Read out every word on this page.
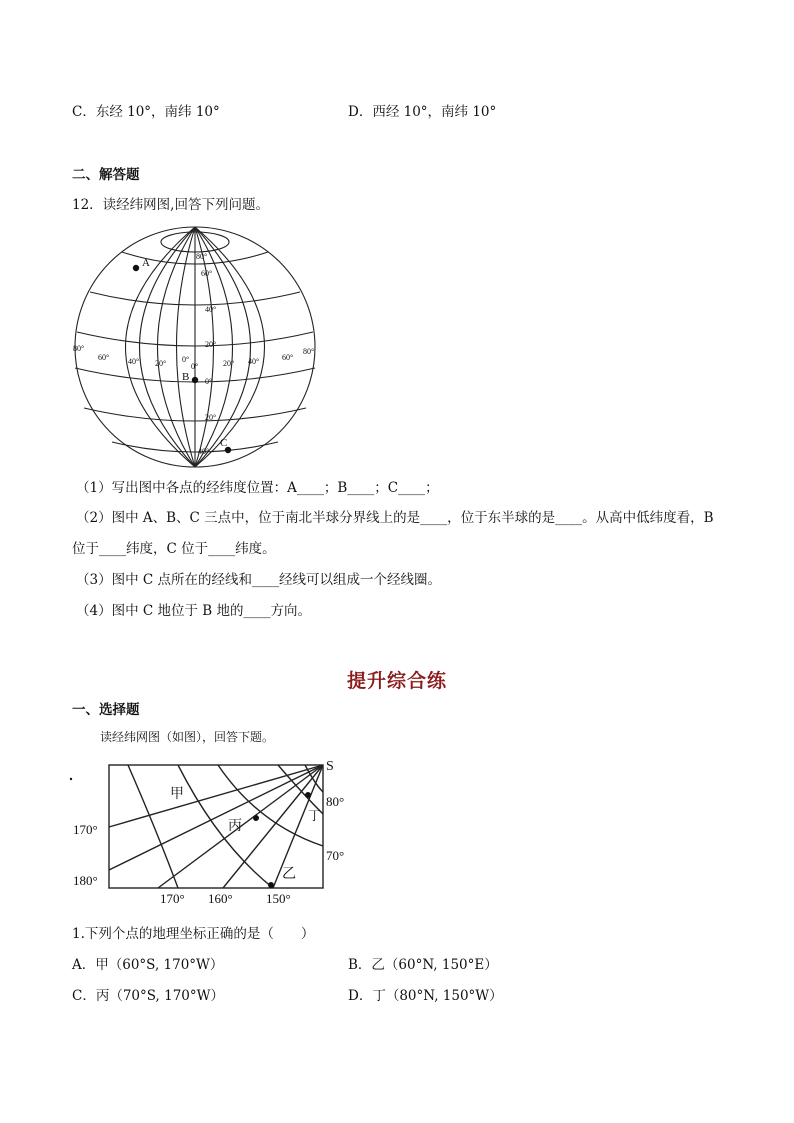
C．东经 10°，南纬 10°	D．西经 10°，南纬 10°
二、解答题
12．读经纬网图,回答下列问题。
A
B
C
80°
60°
40°
20°
0°
20°
40°
80°
60° 40° 20° 0°
0°	20° 40°	60°
80°
（1）写出图中各点的经纬度位置：A____；B____；C____；
（2）图中 A、B、C 三点中，位于南北半球分界线上的是____，位于东半球的是____。从高中低纬度看，B
位于____纬度，C 位于____纬度。
（3）图中 C 点所在的经线和____经线可以组成一个经线圈。
（4）图中 C 地位于 B 地的____方向。
提升综合练
一、选择题
读经纬网图（如图），回答下题。
S
甲
丙
乙
丁
170°
180°
170° 160°	150°
80°
70°
1.下列个点的地理坐标正确的是（　　）
A．甲（60°S, 170°W）	B．乙（60°N, 150°E）
C．丙（70°S, 170°W）	D．丁（80°N, 150°W）
